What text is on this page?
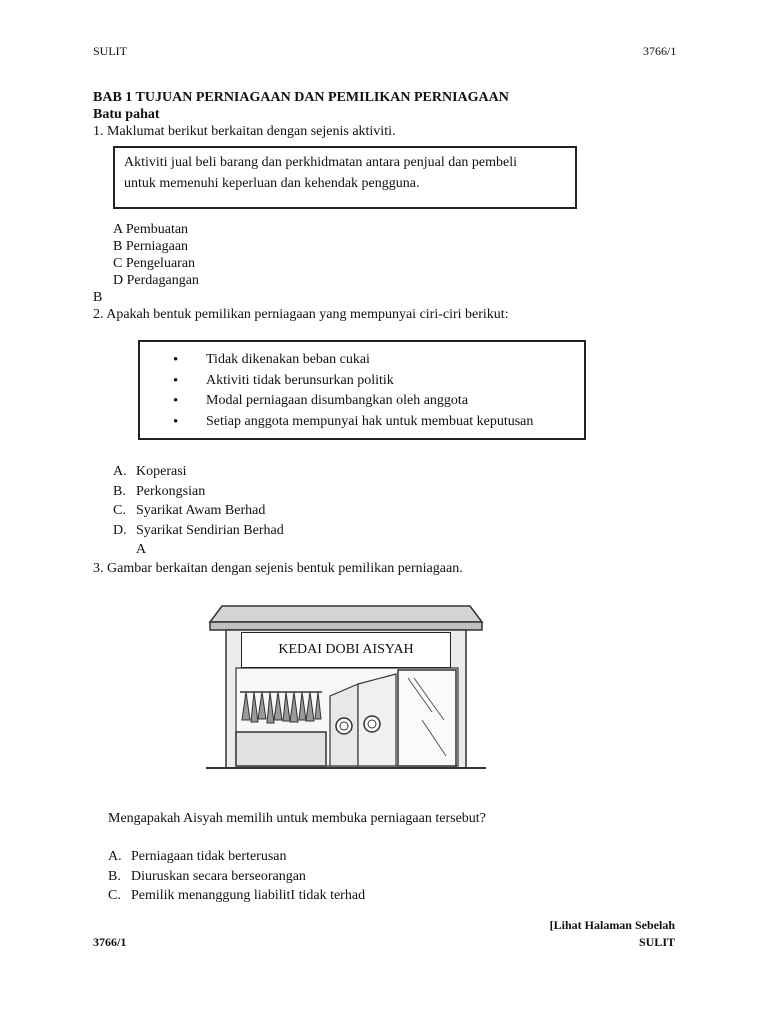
SULIT	3766/1
BAB 1 TUJUAN PERNIAGAAN DAN PEMILIKAN PERNIAGAAN
Batu pahat
1. Maklumat berikut berkaitan dengan sejenis aktiviti.
Aktiviti jual beli barang dan perkhidmatan antara penjual dan pembeli
untuk memenuhi keperluan dan kehendak pengguna.
A Pembuatan
B Perniagaan
C Pengeluaran
D Perdagangan
B
2. Apakah bentuk pemilikan perniagaan yang mempunyai ciri-ciri berikut:
• Tidak dikenakan beban cukai
• Aktiviti tidak berunsurkan politik
• Modal perniagaan disumbangkan oleh anggota
• Setiap anggota mempunyai hak untuk membuat keputusan
A. Koperasi
B. Perkongsian
C. Syarikat Awam Berhad
D. Syarikat Sendirian Berhad
A
3. Gambar berkaitan dengan sejenis bentuk pemilikan perniagaan.
KEDAI DOBI AISYAH
Mengapakah Aisyah memilih untuk membuka perniagaan tersebut?
A. Perniagaan tidak berterusan
B. Diuruskan secara berseorangan
C. Pemilik menanggung liabilitI tidak terhad
[Lihat Halaman Sebelah
3766/1	SULIT
